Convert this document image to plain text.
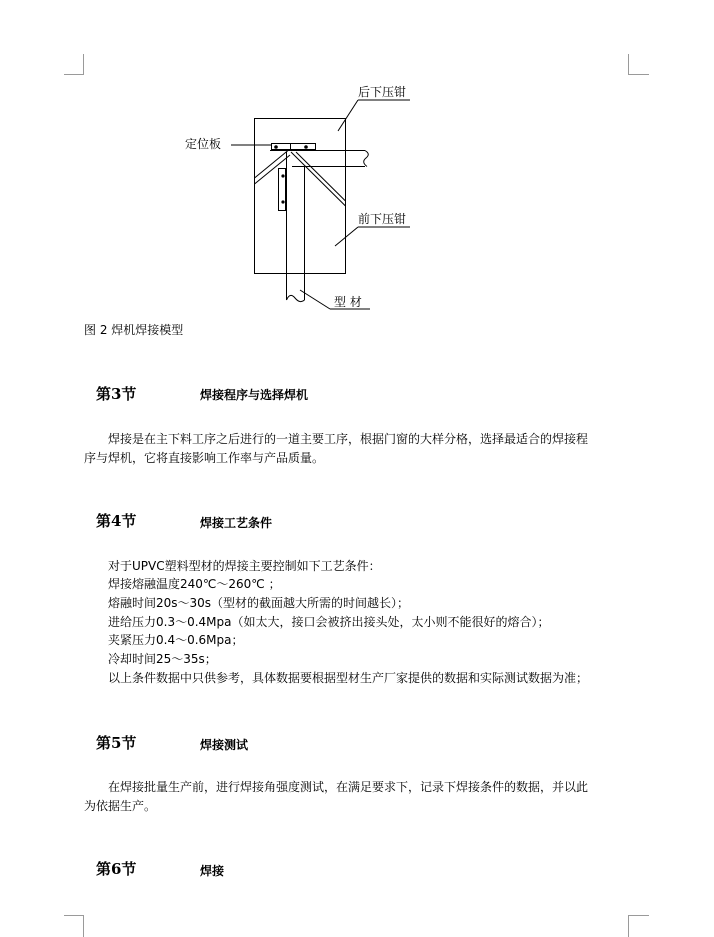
后下压钳
定位板
前下压钳
型 材
图 2 焊机焊接模型
第3节	焊接程序与选择焊机
焊接是在主下料工序之后进行的一道主要工序，根据门窗的大样分格，选择最适合的焊接程
序与焊机，它将直接影响工作率与产品质量。
第4节	焊接工艺条件
对于UPVC塑料型材的焊接主要控制如下工艺条件：
焊接熔融温度240℃～260℃ ；
熔融时间20s～30s（型材的截面越大所需的时间越长）；
进给压力0.3～0.4Mpa（如太大，接口会被挤出接头处，太小则不能很好的熔合）；
夹紧压力0.4～0.6Mpa；
冷却时间25～35s；
以上条件数据中只供参考，具体数据要根据型材生产厂家提供的数据和实际测试数据为准；
第5节	焊接测试
在焊接批量生产前，进行焊接角强度测试，在满足要求下，记录下焊接条件的数据，并以此
为依据生产。
第6节	焊接
